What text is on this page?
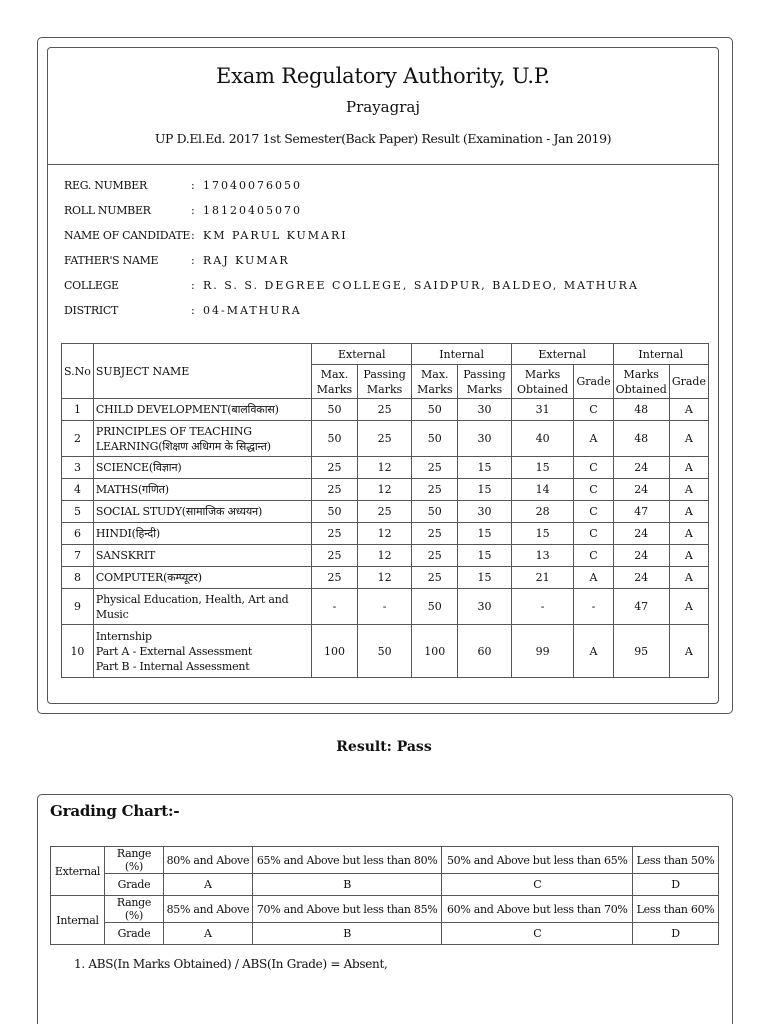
Exam Regulatory Authority, U.P.
Prayagraj
UP D.El.Ed. 2017 1st Semester(Back Paper) Result (Examination - Jan 2019)
REG. NUMBER	: 17040076050
ROLL NUMBER	: 18120405070
NAME OF CANDIDATE : KM PARUL KUMARI
FATHER'S NAME	: RAJ KUMAR
COLLEGE	: R. S. S. DEGREE COLLEGE, SAIDPUR, BALDEO, MATHURA
DISTRICT	: 04-MATHURA
S.No	SUBJECT NAME	External		Internal		External		Internal	
		Max. Marks	Passing Marks	Max. Marks	Passing Marks	Marks Obtained	Grade	Marks Obtained	Grade
1	CHILD DEVELOPMENT(बालविकास)	50	25	50	30	31	C	48	A
2	PRINCIPLES OF TEACHING LEARNING(शिक्षण अधिगम के सिद्धान्त)	50	25	50	30	40	A	48	A
3	SCIENCE(विज्ञान)	25	12	25	15	15	C	24	A
4	MATHS(गणित)	25	12	25	15	14	C	24	A
5	SOCIAL STUDY(सामाजिक अध्ययन)	50	25	50	30	28	C	47	A
6	HINDI(हिन्दी)	25	12	25	15	15	C	24	A
7	SANSKRIT	25	12	25	15	13	C	24	A
8	COMPUTER(कम्प्यूटर)	25	12	25	15	21	A	24	A
9	Physical Education, Health, Art and Music	-	-	50	30	-	-	47	A
10	Internship
Part A - External Assessment
Part B - Internal Assessment	100	50	100	60	99	A	95	A
Result: Pass
Grading Chart:-
External	Range (%)	80% and Above	65% and Above but less than 80%	50% and Above but less than 65%	Less than 50%
	Grade	A	B	C	D
Internal	Range (%)	85% and Above	70% and Above but less than 85%	60% and Above but less than 70%	Less than 60%
	Grade	A	B	C	D
1. ABS(In Marks Obtained) / ABS(In Grade) = Absent,
